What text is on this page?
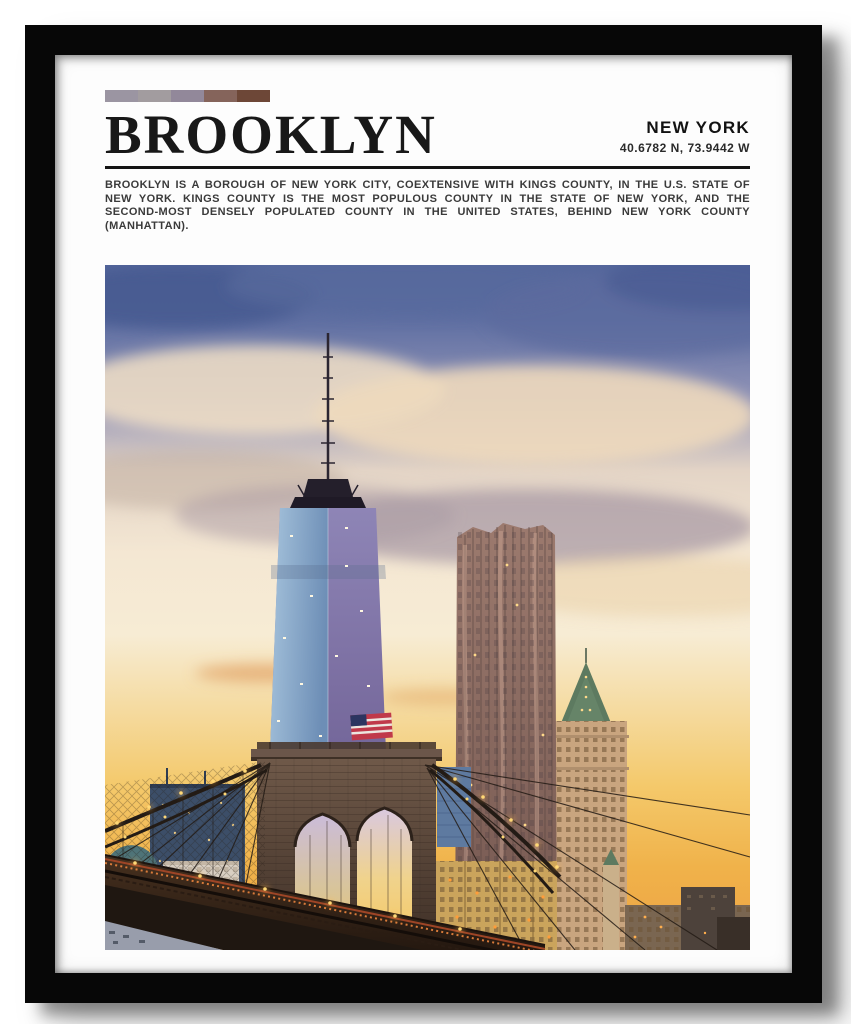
BROOKLYN	NEW YORK
40.6782 N, 73.9442 W
BROOKLYN IS A BOROUGH OF NEW YORK CITY, COEXTENSIVE WITH KINGS COUNTY, IN THE U.S. STATE OF NEW YORK. KINGS COUNTY IS THE MOST POPULOUS COUNTY IN THE STATE OF NEW YORK, AND THE SECOND-MOST DENSELY POPULATED COUNTY IN THE UNITED STATES, BEHIND NEW YORK COUNTY (MANHATTAN).
